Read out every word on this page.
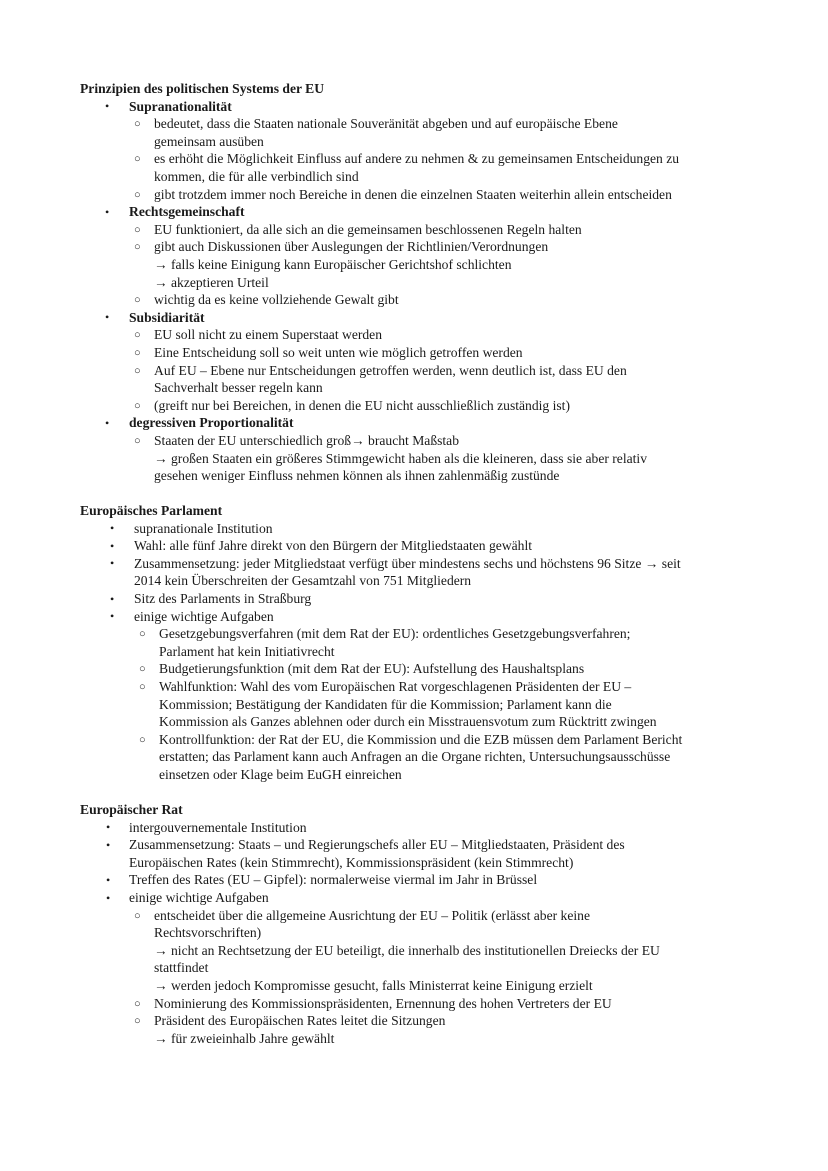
Prinzipien des politischen Systems der EU
• Supranationalität
○ bedeutet, dass die Staaten nationale Souveränität abgeben und auf europäische Ebene
gemeinsam ausüben
○ es erhöht die Möglichkeit Einfluss auf andere zu nehmen & zu gemeinsamen Entscheidungen zu
kommen, die für alle verbindlich sind
○ gibt trotzdem immer noch Bereiche in denen die einzelnen Staaten weiterhin allein entscheiden
• Rechtsgemeinschaft
○ EU funktioniert, da alle sich an die gemeinsamen beschlossenen Regeln halten
○ gibt auch Diskussionen über Auslegungen der Richtlinien/Verordnungen
→ falls keine Einigung kann Europäischer Gerichtshof schlichten
→ akzeptieren Urteil
○ wichtig da es keine vollziehende Gewalt gibt
• Subsidiarität
○ EU soll nicht zu einem Superstaat werden
○ Eine Entscheidung soll so weit unten wie möglich getroffen werden
○ Auf EU – Ebene nur Entscheidungen getroffen werden, wenn deutlich ist, dass EU den
Sachverhalt besser regeln kann
○ (greift nur bei Bereichen, in denen die EU nicht ausschließlich zuständig ist)
• degressiven Proportionalität
○ Staaten der EU unterschiedlich groß→ braucht Maßstab
→ großen Staaten ein größeres Stimmgewicht haben als die kleineren, dass sie aber relativ
gesehen weniger Einfluss nehmen können als ihnen zahlenmäßig zustünde
Europäisches Parlament
• supranationale Institution
• Wahl: alle fünf Jahre direkt von den Bürgern der Mitgliedstaaten gewählt
• Zusammensetzung: jeder Mitgliedstaat verfügt über mindestens sechs und höchstens 96 Sitze → seit
2014 kein Überschreiten der Gesamtzahl von 751 Mitgliedern
• Sitz des Parlaments in Straßburg
• einige wichtige Aufgaben
○ Gesetzgebungsverfahren (mit dem Rat der EU): ordentliches Gesetzgebungsverfahren;
Parlament hat kein Initiativrecht
○ Budgetierungsfunktion (mit dem Rat der EU): Aufstellung des Haushaltsplans
○ Wahlfunktion: Wahl des vom Europäischen Rat vorgeschlagenen Präsidenten der EU –
Kommission; Bestätigung der Kandidaten für die Kommission; Parlament kann die
Kommission als Ganzes ablehnen oder durch ein Misstrauensvotum zum Rücktritt zwingen
○ Kontrollfunktion: der Rat der EU, die Kommission und die EZB müssen dem Parlament Bericht
erstatten; das Parlament kann auch Anfragen an die Organe richten, Untersuchungsausschüsse
einsetzen oder Klage beim EuGH einreichen
Europäischer Rat
• intergouvernementale Institution
• Zusammensetzung: Staats – und Regierungschefs aller EU – Mitgliedstaaten, Präsident des
Europäischen Rates (kein Stimmrecht), Kommissionspräsident (kein Stimmrecht)
• Treffen des Rates (EU – Gipfel): normalerweise viermal im Jahr in Brüssel
• einige wichtige Aufgaben
○ entscheidet über die allgemeine Ausrichtung der EU – Politik (erlässt aber keine
Rechtsvorschriften)
→ nicht an Rechtsetzung der EU beteiligt, die innerhalb des institutionellen Dreiecks der EU
stattfindet
→ werden jedoch Kompromisse gesucht, falls Ministerrat keine Einigung erzielt
○ Nominierung des Kommissionspräsidenten, Ernennung des hohen Vertreters der EU
○ Präsident des Europäischen Rates leitet die Sitzungen
→ für zweieinhalb Jahre gewählt
